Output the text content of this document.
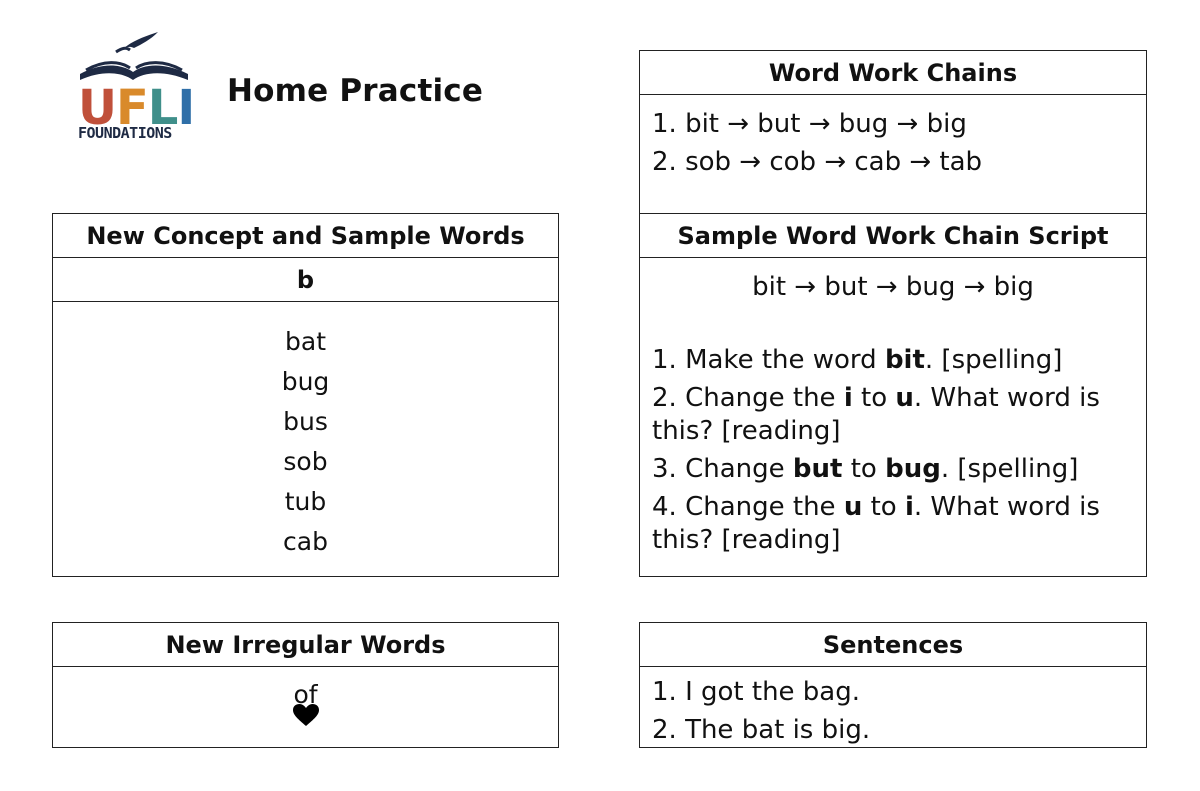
UFLI
FOUNDATIONS
Home Practice
New Concept and Sample Words
b
bat
bug
bus
sob
tub
cab
New Irregular Words
of
Word Work Chains
1. bit → but → bug → big
2. sob → cob → cab → tab
Sample Word Work Chain Script
bit → but → bug → big
1. Make the word bit. [spelling]
2. Change the i to u. What word is this? [reading]
3. Change but to bug. [spelling]
4. Change the u to i. What word is this? [reading]
Sentences
1. I got the bag.
2. The bat is big.
